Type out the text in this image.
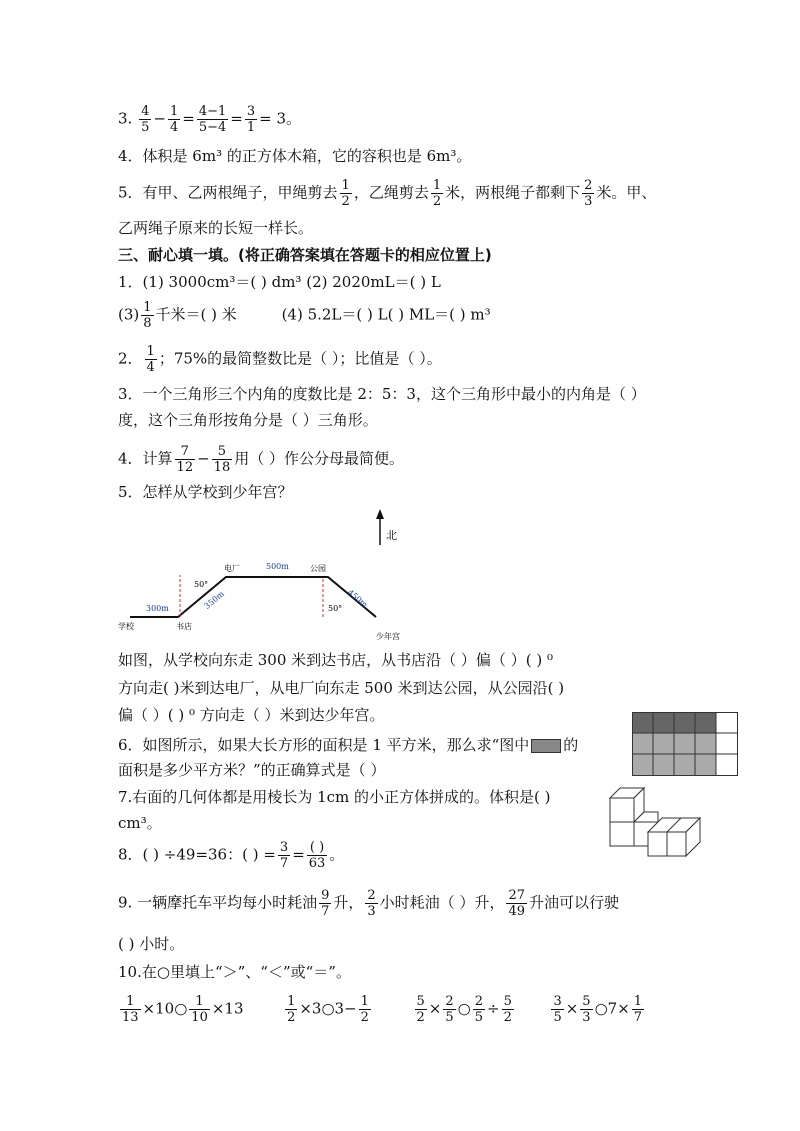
3. $\frac{4}{5} - \frac{1}{4} = \frac{4-1}{5-4} = \frac{3}{1} = 3$。
4．体积是 6m³ 的正方体木箱，它的容积也是 6m³。
5．有甲、乙两根绳子，甲绳剪去 $\frac{1}{2}$ ，乙绳剪去 $\frac{1}{2}$ 米，两根绳子都剩下 $\frac{2}{3}$ 米。甲、
乙两绳子原来的长短一样长。
三、耐心填一填。(将正确答案填在答题卡的相应位置上)
1．(1) 3000cm³＝( ) dm³ (2) 2020mL＝( ) L
$(3) \frac{1}{8}$ 千米＝( ) 米	(4) 5.2L＝( ) L( ) ML＝( ) m³
2． $\frac{1}{4}$ ；75%的最简整数比是（ ）；比值是（ ）。
3．一个三角形三个内角的度数比是 2：5：3，这个三角形中最小的内角是（ ）
度，这个三角形按角分是（ ）三角形。
4．计算 $\frac{7}{12} - \frac{5}{18}$ 用（ ）作公分母最简便。
5．怎样从学校到少年宫？
北
学校	书店
电厂	公园
少年宫
300m	350m
500m
450m
50°
50°
如图，从学校向东走 300 米到达书店，从书店沿（ ）偏（ ）( ) ⁰
方向走( )米到达电厂，从电厂向东走 500 米到达公园，从公园沿( )
偏（ ）( ) ⁰ 方向走（ ）米到达少年宫。
6．如图所示，如果大长方形的面积是 1 平方米，那么求“图中 的
面积是多少平方米？”的正确算式是（ ）
7.右面的几何体都是用棱长为 1cm 的小正方体拼成的。体积是( )
cm³。
8．( ) ÷49=36：( ) = $\frac{3}{7}$ = ( )
63 。
9. 一辆摩托车平均每小时耗油 $\frac{9}{7}$ 升， $\frac{2}{3}$ 小时耗油（ ）升， $\frac{27}{49}$ 升油可以行驶
( ) 小时。
10.在○里填上“＞”、“＜”或“＝”。
$\frac{1}{13}$ ×10○ $\frac{1}{10} \times 13$	$\frac{1}{2}$ ×3○3− $\frac{1}{2}$
	$\frac{5}{2} \times \frac{2}{5}$ ○ $\frac{2}{5} \div \frac{5}{2}$
	$\frac{3}{5} \times \frac{5}{3}$ ○7× $\frac{1}{7}$
